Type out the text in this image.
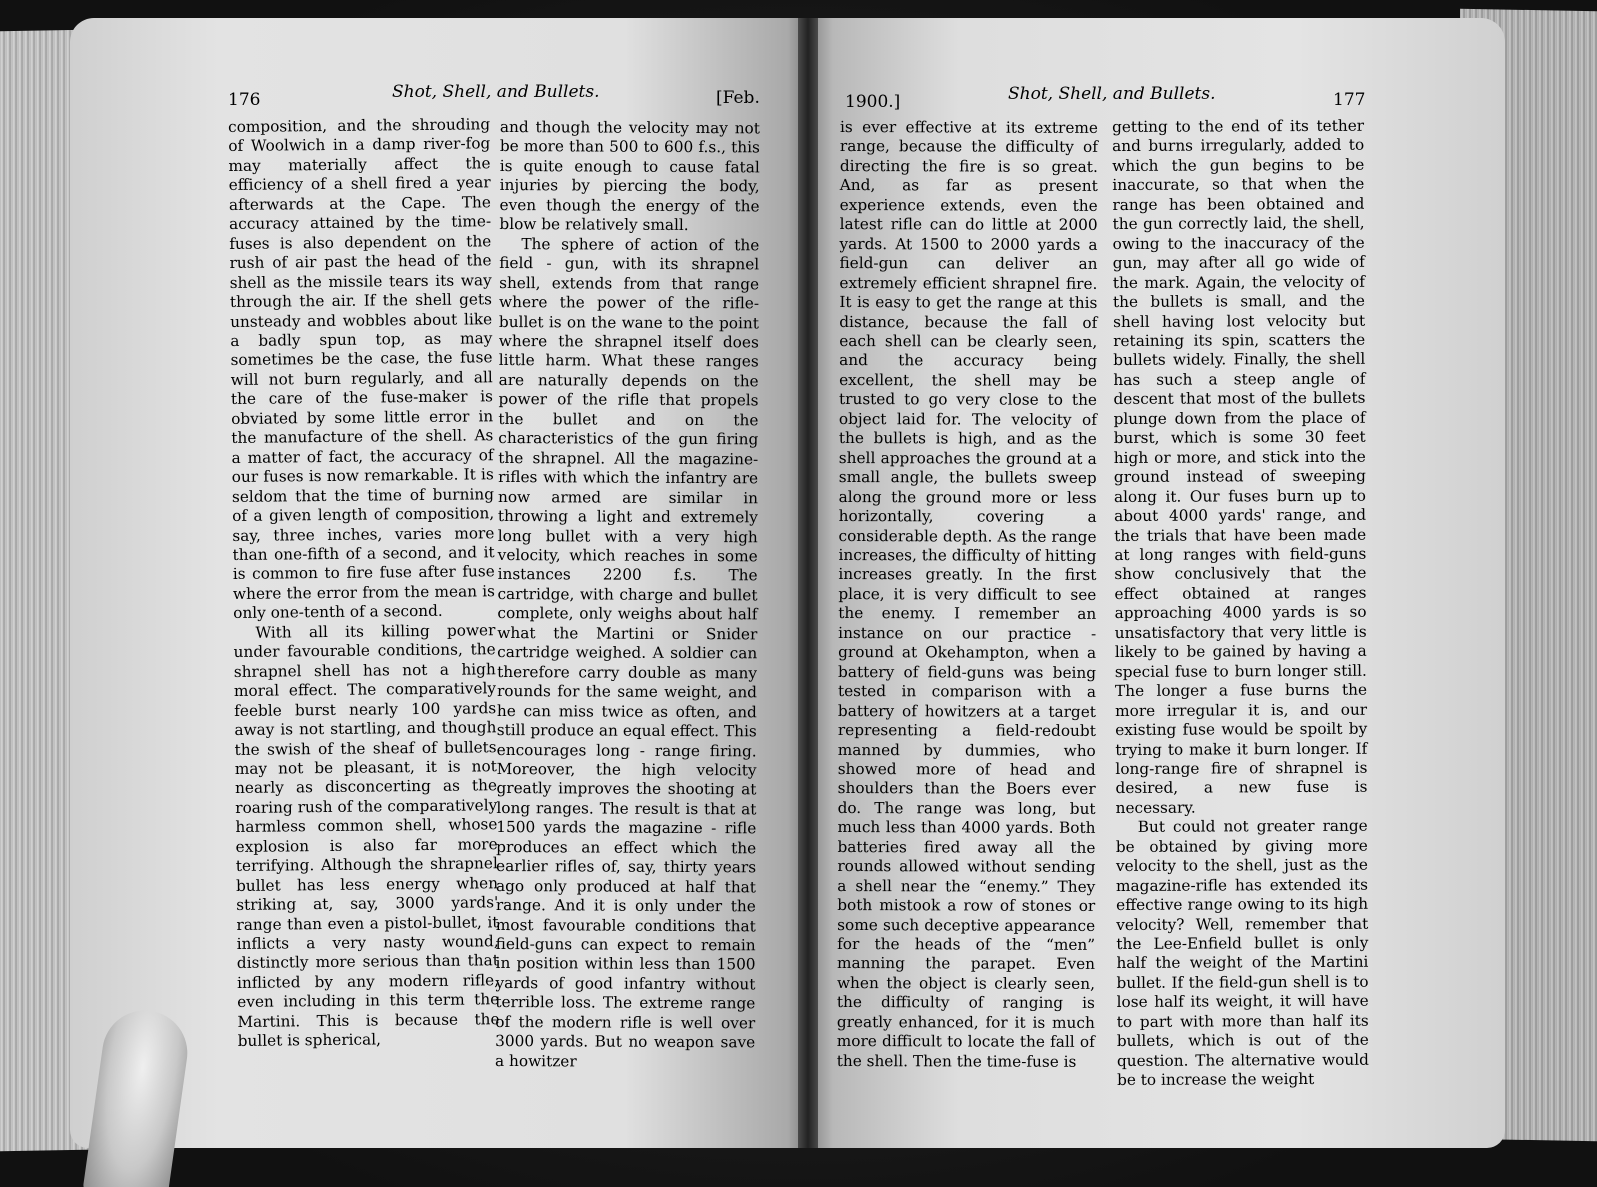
176	Shot, Shell, and Bullets.	[Feb.	1900.]	Shot, Shell, and Bullets.	177

composition, and the shrouding of Woolwich in a damp river-fog may materially affect the efficiency of a shell fired a year afterwards at the Cape. The accuracy attained by the time-fuses is also dependent on the rush of air past the head of the shell as the missile tears its way through the air. If the shell gets unsteady and wobbles about like a badly spun top, as may sometimes be the case, the fuse will not burn regularly, and all the care of the fuse-maker is obviated by some little error in the manufacture of the shell. As a matter of fact, the accuracy of our fuses is now remarkable. It is seldom that the time of burning of a given length of composition, say, three inches, varies more than one-fifth of a second, and it is common to fire fuse after fuse where the error from the mean is only one-tenth of a second.

With all its killing power under favourable conditions, the shrapnel shell has not a high moral effect. The comparatively feeble burst nearly 100 yards away is not startling, and though the swish of the sheaf of bullets may not be pleasant, it is not nearly as disconcerting as the roaring rush of the comparatively harmless common shell, whose explosion is also far more terrifying. Although the shrapnel bullet has less energy when striking at, say, 3000 yards' range than even a pistol-bullet, it inflicts a very nasty wound, distinctly more serious than that inflicted by any modern rifle, even including in this term the Martini. This is because the bullet is spherical,

and though the velocity may not be more than 500 to 600 f.s., this is quite enough to cause fatal injuries by piercing the body, even though the energy of the blow be relatively small.

The sphere of action of the field - gun, with its shrapnel shell, extends from that range where the power of the rifle-bullet is on the wane to the point where the shrapnel itself does little harm. What these ranges are naturally depends on the power of the rifle that propels the bullet and on the characteristics of the gun firing the shrapnel. All the magazine-rifles with which the infantry are now armed are similar in throwing a light and extremely long bullet with a very high velocity, which reaches in some instances 2200 f.s. The cartridge, with charge and bullet complete, only weighs about half what the Martini or Snider cartridge weighed. A soldier can therefore carry double as many rounds for the same weight, and he can miss twice as often, and still produce an equal effect. This encourages long - range firing. Moreover, the high velocity greatly improves the shooting at long ranges. The result is that at 1500 yards the magazine - rifle produces an effect which the earlier rifles of, say, thirty years ago only produced at half that range. And it is only under the most favourable conditions that field-guns can expect to remain in position within less than 1500 yards of good infantry without terrible loss. The extreme range of the modern rifle is well over 3000 yards. But no weapon save a howitzer

is ever effective at its extreme range, because the difficulty of directing the fire is so great. And, as far as present experience extends, even the latest rifle can do little at 2000 yards. At 1500 to 2000 yards a field-gun can deliver an extremely efficient shrapnel fire. It is easy to get the range at this distance, because the fall of each shell can be clearly seen, and the accuracy being excellent, the shell may be trusted to go very close to the object laid for. The velocity of the bullets is high, and as the shell approaches the ground at a small angle, the bullets sweep along the ground more or less horizontally, covering a considerable depth. As the range increases, the difficulty of hitting increases greatly. In the first place, it is very difficult to see the enemy. I remember an instance on our practice - ground at Okehampton, when a battery of field-guns was being tested in comparison with a battery of howitzers at a target representing a field-redoubt manned by dummies, who showed more of head and shoulders than the Boers ever do. The range was long, but much less than 4000 yards. Both batteries fired away all the rounds allowed without sending a shell near the “enemy.” They both mistook a row of stones or some such deceptive appearance for the heads of the “men” manning the parapet. Even when the object is clearly seen, the difficulty of ranging is greatly enhanced, for it is much more difficult to locate the fall of the shell. Then the time-fuse is

getting to the end of its tether and burns irregularly, added to which the gun begins to be inaccurate, so that when the range has been obtained and the gun correctly laid, the shell, owing to the inaccuracy of the gun, may after all go wide of the mark. Again, the velocity of the bullets is small, and the shell having lost velocity but retaining its spin, scatters the bullets widely. Finally, the shell has such a steep angle of descent that most of the bullets plunge down from the place of burst, which is some 30 feet high or more, and stick into the ground instead of sweeping along it. Our fuses burn up to about 4000 yards' range, and the trials that have been made at long ranges with field-guns show conclusively that the effect obtained at ranges approaching 4000 yards is so unsatisfactory that very little is likely to be gained by having a special fuse to burn longer still. The longer a fuse burns the more irregular it is, and our existing fuse would be spoilt by trying to make it burn longer. If long-range fire of shrapnel is desired, a new fuse is necessary.

But could not greater range be obtained by giving more velocity to the shell, just as the magazine-rifle has extended its effective range owing to its high velocity? Well, remember that the Lee-Enfield bullet is only half the weight of the Martini bullet. If the field-gun shell is to lose half its weight, it will have to part with more than half its bullets, which is out of the question. The alternative would be to increase the weight
